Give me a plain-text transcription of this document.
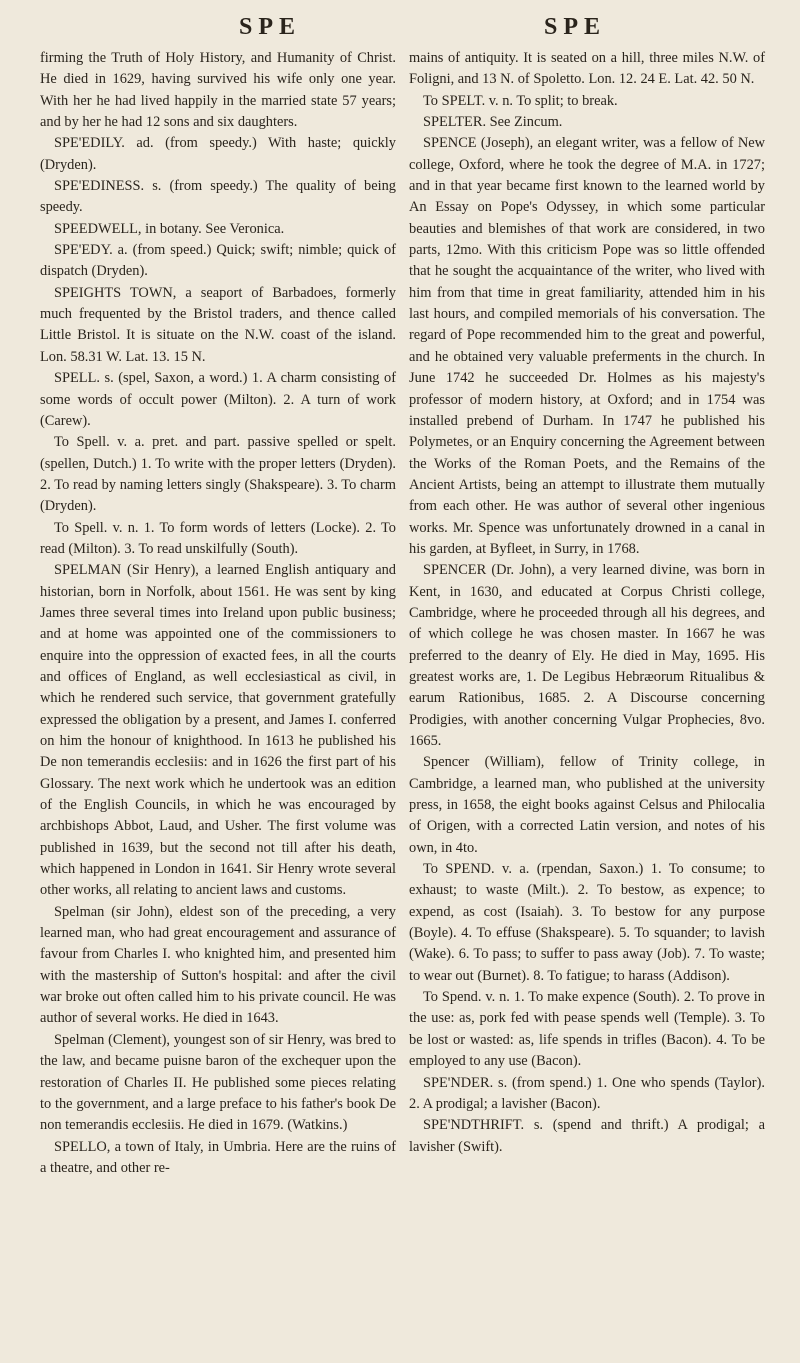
SPE	SPE

firming the Truth of Holy History, and Humanity of Christ. He died in 1629, having survived his wife only one year. With her he had lived happily in the married state 57 years; and by her he had 12 sons and six daughters.

SPE'EDILY. ad. (from speedy.) With haste; quickly (Dryden).

SPE'EDINESS. s. (from speedy.) The quality of being speedy.

SPEEDWELL, in botany. See Veronica.

SPE'EDY. a. (from speed.) Quick; swift; nimble; quick of dispatch (Dryden).

SPEIGHTS TOWN, a seaport of Barbadoes, formerly much frequented by the Bristol traders, and thence called Little Bristol. It is situate on the N.W. coast of the island. Lon. 58.31 W. Lat. 13. 15 N.

SPELL. s. (spel, Saxon, a word.) 1. A charm consisting of some words of occult power (Milton). 2. A turn of work (Carew).

To Spell. v. a. pret. and part. passive spelled or spelt. (spellen, Dutch.) 1. To write with the proper letters (Dryden). 2. To read by naming letters singly (Shakspeare). 3. To charm (Dryden).

To Spell. v. n. 1. To form words of letters (Locke). 2. To read (Milton). 3. To read unskilfully (South).

SPELMAN (Sir Henry), a learned English antiquary and historian, born in Norfolk, about 1561. He was sent by king James three several times into Ireland upon public business; and at home was appointed one of the commissioners to enquire into the oppression of exacted fees, in all the courts and offices of England, as well ecclesiastical as civil, in which he rendered such service, that government gratefully expressed the obligation by a present, and James I. conferred on him the honour of knighthood. In 1613 he published his De non temerandis ecclesiis: and in 1626 the first part of his Glossary. The next work which he undertook was an edition of the English Councils, in which he was encouraged by archbishops Abbot, Laud, and Usher. The first volume was published in 1639, but the second not till after his death, which happened in London in 1641. Sir Henry wrote several other works, all relating to ancient laws and customs.

Spelman (sir John), eldest son of the preceding, a very learned man, who had great encouragement and assurance of favour from Charles I. who knighted him, and presented him with the mastership of Sutton's hospital: and after the civil war broke out often called him to his private council. He was author of several works. He died in 1643.

Spelman (Clement), youngest son of sir Henry, was bred to the law, and became puisne baron of the exchequer upon the restoration of Charles II. He published some pieces relating to the government, and a large preface to his father's book De non temerandis ecclesiis. He died in 1679. (Watkins.)

SPELLO, a town of Italy, in Umbria. Here are the ruins of a theatre, and other re-

mains of antiquity. It is seated on a hill, three miles N.W. of Foligni, and 13 N. of Spoletto. Lon. 12. 24 E. Lat. 42. 50 N.

To SPELT. v. n. To split; to break.

SPELTER. See Zincum.

SPENCE (Joseph), an elegant writer, was a fellow of New college, Oxford, where he took the degree of M.A. in 1727; and in that year became first known to the learned world by An Essay on Pope's Odyssey, in which some particular beauties and blemishes of that work are considered, in two parts, 12mo. With this criticism Pope was so little offended that he sought the acquaintance of the writer, who lived with him from that time in great familiarity, attended him in his last hours, and compiled memorials of his conversation. The regard of Pope recommended him to the great and powerful, and he obtained very valuable preferments in the church. In June 1742 he succeeded Dr. Holmes as his majesty's professor of modern history, at Oxford; and in 1754 was installed prebend of Durham. In 1747 he published his Polymetes, or an Enquiry concerning the Agreement between the Works of the Roman Poets, and the Remains of the Ancient Artists, being an attempt to illustrate them mutually from each other. He was author of several other ingenious works. Mr. Spence was unfortunately drowned in a canal in his garden, at Byfleet, in Surry, in 1768.

SPENCER (Dr. John), a very learned divine, was born in Kent, in 1630, and educated at Corpus Christi college, Cambridge, where he proceeded through all his degrees, and of which college he was chosen master. In 1667 he was preferred to the deanry of Ely. He died in May, 1695. His greatest works are, 1. De Legibus Hebræorum Ritualibus & earum Rationibus, 1685. 2. A Discourse concerning Prodigies, with another concerning Vulgar Prophecies, 8vo. 1665.

Spencer (William), fellow of Trinity college, in Cambridge, a learned man, who published at the university press, in 1658, the eight books against Celsus and Philocalia of Origen, with a corrected Latin version, and notes of his own, in 4to.

To SPEND. v. a. (rpendan, Saxon.) 1. To consume; to exhaust; to waste (Milt.). 2. To bestow, as expence; to expend, as cost (Isaiah). 3. To bestow for any purpose (Boyle). 4. To effuse (Shakspeare). 5. To squander; to lavish (Wake). 6. To pass; to suffer to pass away (Job). 7. To waste; to wear out (Burnet). 8. To fatigue; to harass (Addison).

To Spend. v. n. 1. To make expence (South). 2. To prove in the use: as, pork fed with pease spends well (Temple). 3. To be lost or wasted: as, life spends in trifles (Bacon). 4. To be employed to any use (Bacon).

SPE'NDER. s. (from spend.) 1. One who spends (Taylor). 2. A prodigal; a lavisher (Bacon).

SPE'NDTHRIFT. s. (spend and thrift.) A prodigal; a lavisher (Swift).
